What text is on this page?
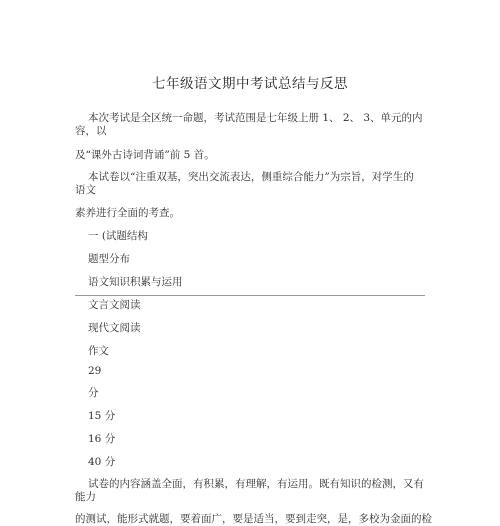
七年级语文期中考试总结与反思
本次考试是全区统一命题，考试范围是七年级上册 1、 2、 3、单元的内
容，以
及“课外古诗词背诵”前 5 首。
本试卷以“注重双基，突出交流表达，侧重综合能力”为宗旨，对学生的
语文
素养进行全面的考查。
一 (试题结构
题型分布
语文知识积累与运用
文言文阅读
现代文阅读
作文
29
分
15 分
16 分
40 分
试卷的内容涵盖全面，有积累，有理解，有运用。既有知识的检测，又有
能力
的测试，能形式就题，要着面广，要是适当，要到走突，是，多校为金面的检
